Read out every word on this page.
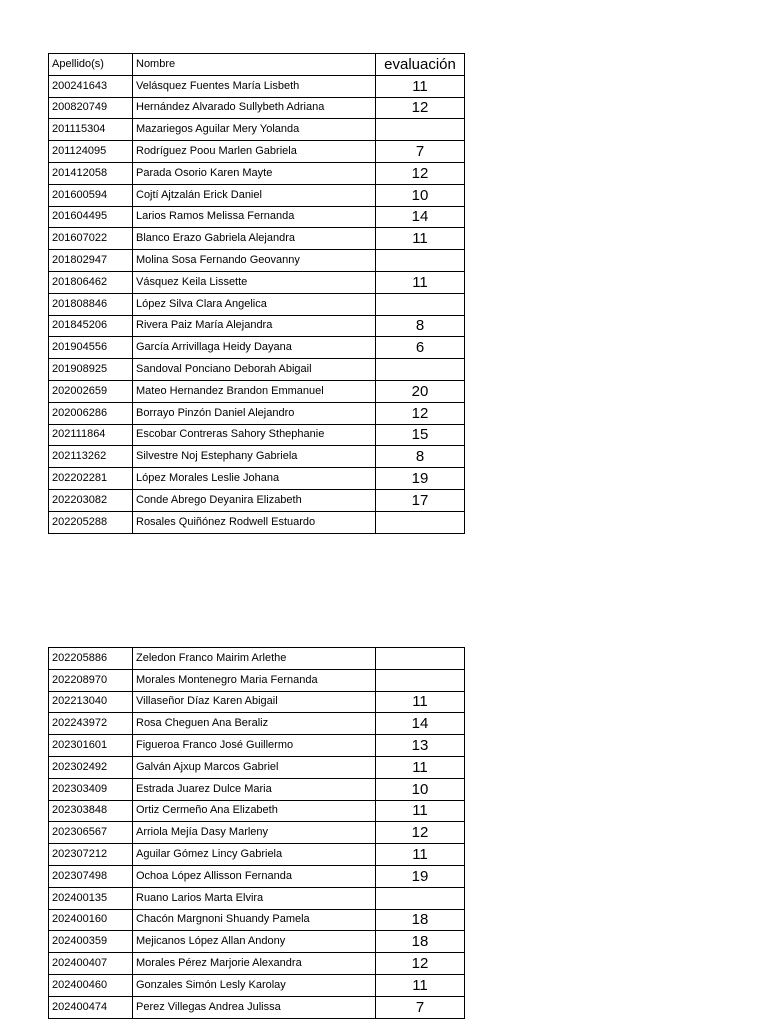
Apellido(s)	Nombre	evaluación
200241643	Velásquez Fuentes María Lisbeth	11
200820749	Hernández Alvarado Sullybeth Adriana	12
201115304	Mazariegos Aguilar Mery Yolanda	
201124095	Rodríguez Poou Marlen Gabriela	7
201412058	Parada Osorio Karen Mayte	12
201600594	Cojtí Ajtzalán Erick Daniel	10
201604495	Larios Ramos Melissa Fernanda	14
201607022	Blanco Erazo Gabriela Alejandra	11
201802947	Molina Sosa Fernando Geovanny	
201806462	Vásquez Keila Lissette	11
201808846	López Silva Clara Angelica	
201845206	Rivera Paiz María Alejandra	8
201904556	García Arrivillaga Heidy Dayana	6
201908925	Sandoval Ponciano Deborah Abigail	
202002659	Mateo Hernandez Brandon Emmanuel	20
202006286	Borrayo Pinzón Daniel Alejandro	12
202111864	Escobar Contreras Sahory Sthephanie	15
202113262	Silvestre Noj Estephany Gabriela	8
202202281	López Morales Leslie Johana	19
202203082	Conde Abrego Deyanira Elizabeth	17
202205288	Rosales Quiñónez Rodwell Estuardo	
202205886	Zeledon Franco Mairim Arlethe	
202208970	Morales Montenegro Maria Fernanda	
202213040	Villaseñor Díaz Karen Abigail	11
202243972	Rosa Cheguen Ana Beraliz	14
202301601	Figueroa Franco José Guillermo	13
202302492	Galván Ajxup Marcos Gabriel	11
202303409	Estrada Juarez Dulce Maria	10
202303848	Ortiz Cermeño Ana Elizabeth	11
202306567	Arriola Mejía Dasy Marleny	12
202307212	Aguilar Gómez Lincy Gabriela	11
202307498	Ochoa López Allisson Fernanda	19
202400135	Ruano Larios Marta Elvira	
202400160	Chacón Margnoni Shuandy Pamela	18
202400359	Mejicanos López Allan Andony	18
202400407	Morales Pérez Marjorie Alexandra	12
202400460	Gonzales Simón Lesly Karolay	11
202400474	Perez Villegas Andrea Julissa	7
